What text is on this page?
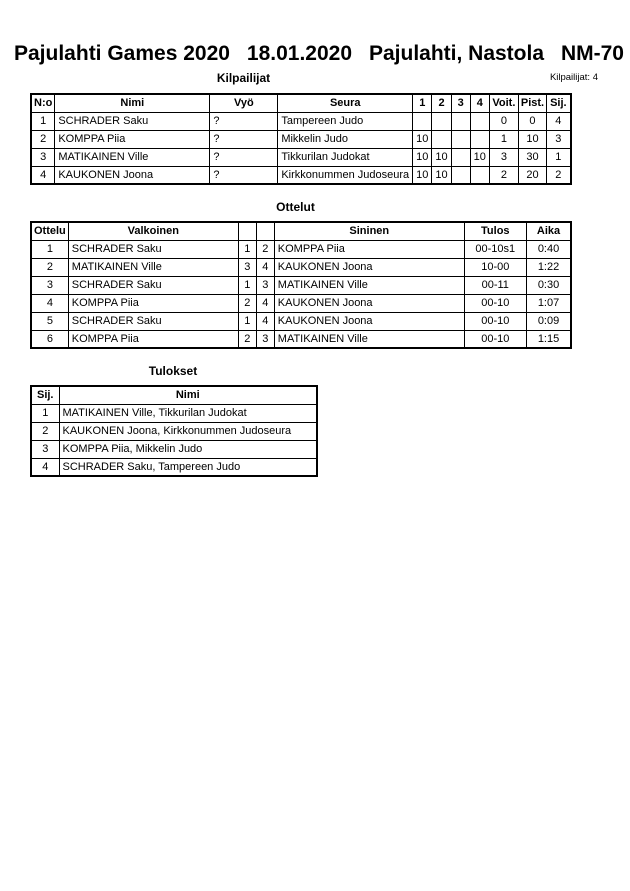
Pajulahti Games 2020 18.01.2020 Pajulahti, Nastola NM-70
Kilpailijat	Kilpailijat: 4
N:o	Nimi	Vyö	Seura	1	2	3	4	Voit.	Pist.	Sij.
1	SCHRADER Saku	?	Tampereen Judo					0	0	4
2	KOMPPA Piia	?	Mikkelin Judo	10				1	10	3
3	MATIKAINEN Ville	?	Tikkurilan Judokat	10	10		10	3	30	1
4	KAUKONEN Joona	?	Kirkkonummen Judoseura	10	10			2	20	2
Ottelut
Ottelu	Valkoinen			Sininen	Tulos	Aika
1	SCHRADER Saku	1	2	KOMPPA Piia	00-10s1	0:40
2	MATIKAINEN Ville	3	4	KAUKONEN Joona	10-00	1:22
3	SCHRADER Saku	1	3	MATIKAINEN Ville	00-11	0:30
4	KOMPPA Piia	2	4	KAUKONEN Joona	00-10	1:07
5	SCHRADER Saku	1	4	KAUKONEN Joona	00-10	0:09
6	KOMPPA Piia	2	3	MATIKAINEN Ville	00-10	1:15
Tulokset
Sij.	Nimi
1	MATIKAINEN Ville, Tikkurilan Judokat
2	KAUKONEN Joona, Kirkkonummen Judoseura
3	KOMPPA Piia, Mikkelin Judo
4	SCHRADER Saku, Tampereen Judo
